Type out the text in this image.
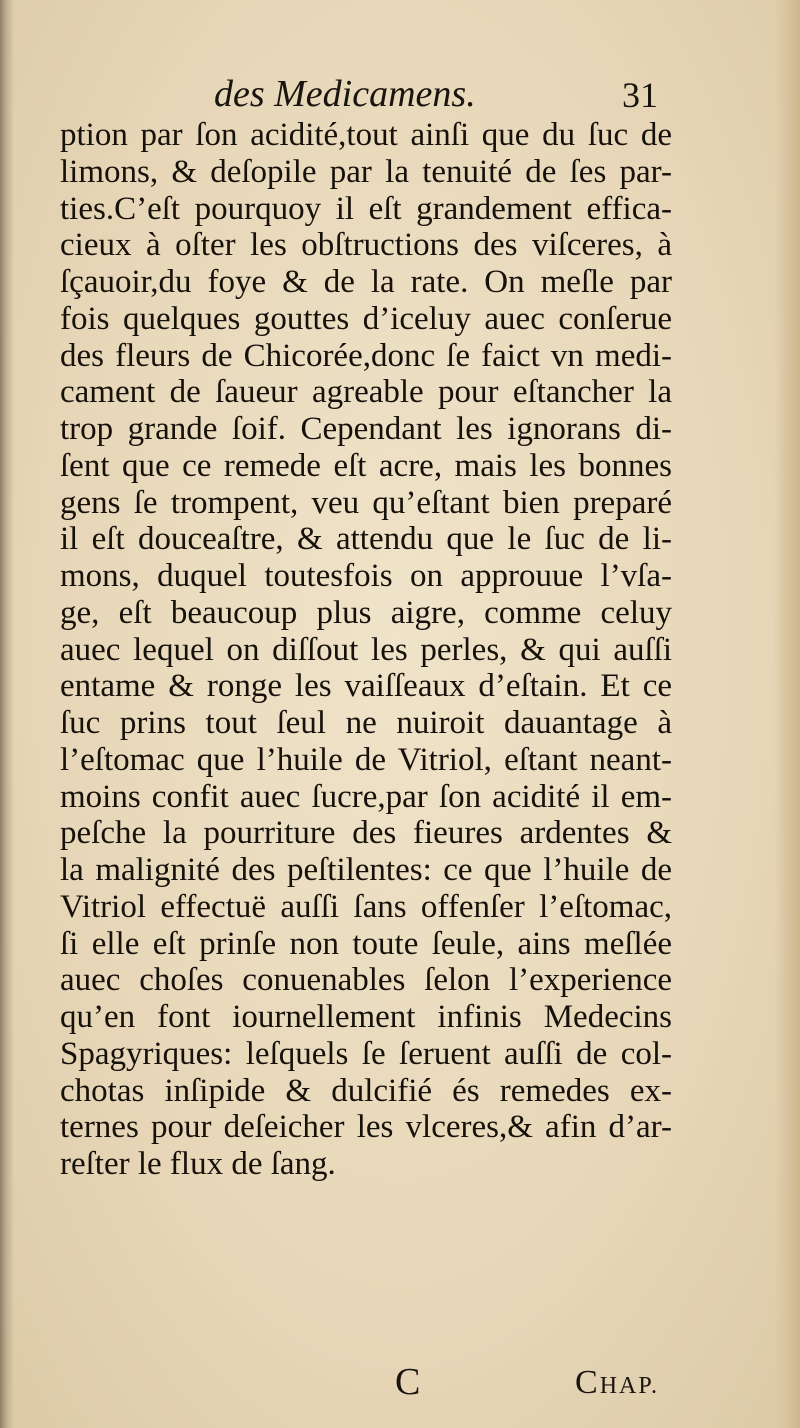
des Medicamens.	31
ption par ſon acidité,tout ainſi que du ſuc de
limons, & deſopile par la tenuité de ſes par-
ties.C’eſt pourquoy il eſt grandement effica-
cieux à oſter les obſtructions des viſceres, à
ſçauoir,du foye & de la rate. On meſle par
fois quelques gouttes d’iceluy auec conſerue
des fleurs de Chicorée,donc ſe faict vn medi-
cament de ſaueur agreable pour eſtancher la
trop grande ſoif. Cependant les ignorans di-
ſent que ce remede eſt acre, mais les bonnes
gens ſe trompent, veu qu’eſtant bien preparé
il eſt douceaſtre, & attendu que le ſuc de li-
mons, duquel toutesfois on approuue l’vſa-
ge, eſt beaucoup plus aigre, comme celuy
auec lequel on diſſout les perles, & qui auſſi
entame & ronge les vaiſſeaux d’eſtain. Et ce
ſuc prins tout ſeul ne nuiroit dauantage à
l’eſtomac que l’huile de Vitriol, eſtant neant-
moins confit auec ſucre,par ſon acidité il em-
peſche la pourriture des fieures ardentes &
la malignité des peſtilentes: ce que l’huile de
Vitriol effectuë auſſi ſans offenſer l’eſtomac,
ſi elle eſt prinſe non toute ſeule, ains meſlée
auec choſes conuenables ſelon l’experience
qu’en font iournellement infinis Medecins
Spagyriques: leſquels ſe ſeruent auſſi de col-
chotas inſipide & dulcifié és remedes ex-
ternes pour deſeicher les vlceres,& afin d’ar-
reſter le flux de ſang.
C	CHAP.
